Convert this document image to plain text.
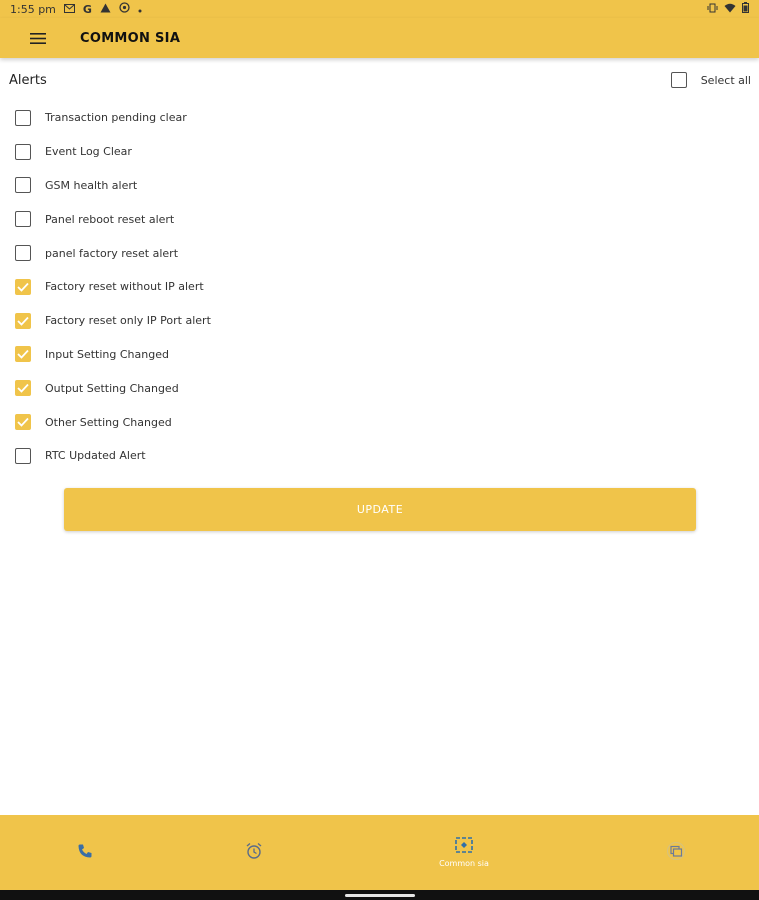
1:55 pm G
COMMON SIA
Alerts	Select all
Transaction pending clear
Event Log Clear
GSM health alert
Panel reboot reset alert
panel factory reset alert
Factory reset without IP alert
Factory reset only IP Port alert
Input Setting Changed
Output Setting Changed
Other Setting Changed
RTC Updated Alert
UPDATE
Common sia
